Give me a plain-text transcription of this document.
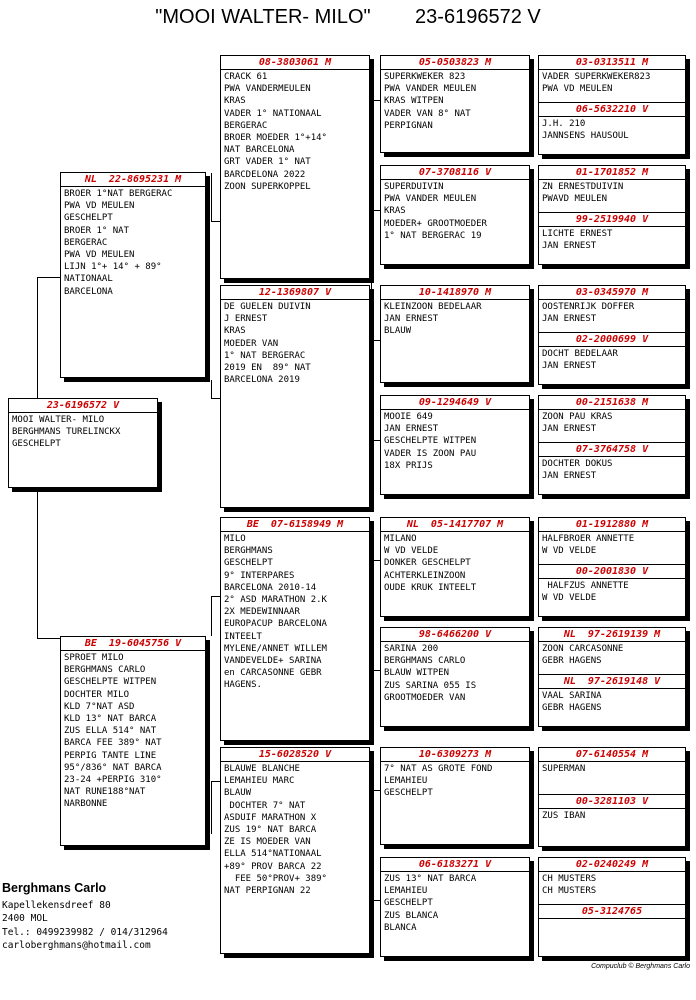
"MOOI WALTER- MILO" 23-6196572 V
23-6196572 V
MOOI WALTER- MILO
BERGHMANS TURELINCKX
GESCHELPT
NL 22-8695231 M
BROER 1°NAT BERGERAC
PWA VD MEULEN
GESCHELPT
BROER 1° NAT
BERGERAC
PWA VD MEULEN
LIJN 1°+ 14° + 89°
NATIONAAL
BARCELONA
BE 19-6045756 V
SPROET MILO
BERGHMANS CARLO
GESCHELPTE WITPEN
DOCHTER MILO
KLD 7°NAT ASD
KLD 13° NAT BARCA
ZUS ELLA 514° NAT
BARCA FEE 389° NAT
PERPIG TANTE LINE
95°/836° NAT BARCA
23-24 +PERPIG 310°
NAT RUNE188°NAT
NARBONNE
08-3803061 M
CRACK 61
PWA VANDERMEULEN
KRAS
VADER 1° NATIONAAL
BERGERAC
BROER MOEDER 1°+14°
NAT BARCELONA
GRT VADER 1° NAT
BARCDELONA 2022
ZOON SUPERKOPPEL
12-1369807 V
DE GUELEN DUIVIN
J ERNEST
KRAS
MOEDER VAN
1° NAT BERGERAC
2019 EN  89° NAT
BARCELONA 2019
BE 07-6158949 M
MILO
BERGHMANS
GESCHELPT
9° INTERPARES
BARCELONA 2010-14
2° ASD MARATHON 2.K
2X MEDEWINNAAR
EUROPACUP BARCELONA
INTEELT
MYLENE/ANNET WILLEM
VANDEVELDE+ SARINA
en CARCASONNE GEBR
HAGENS.
15-6028520 V
BLAUWE BLANCHE
LEMAHIEU MARC
BLAUW
DOCHTER 7° NAT
ASDUIF MARATHON X
ZUS 19° NAT BARCA
ZE IS MOEDER VAN
ELLA 514°NATIONAAL
+89° PROV BARCA 22
FEE 50°PROV+ 389°
NAT PERPIGNAN 22
05-0503823 M
SUPERKWEKER 823
PWA VANDER MEULEN
KRAS WITPEN
VADER VAN 8° NAT
PERPIGNAN
07-3708116 V
SUPERDUIVIN
PWA VANDER MEULEN
KRAS
MOEDER+ GROOTMOEDER
1° NAT BERGERAC 19
10-1418970 M
KLEINZOON BEDELAAR
JAN ERNEST
BLAUW
09-1294649 V
MOOIE 649
JAN ERNEST
GESCHELPTE WITPEN
VADER IS ZOON PAU
18X PRIJS
NL 05-1417707 M
MILANO
W VD VELDE
DONKER GESCHELPT
ACHTERKLEINZOON
OUDE KRUK INTEELT
98-6466200 V
SARINA 200
BERGHMANS CARLO
BLAUW WITPEN
ZUS SARINA 055 IS
GROOTMOEDER VAN
10-6309273 M
7° NAT AS GROTE FOND
LEMAHIEU
GESCHELPT
06-6183271 V
ZUS 13° NAT BARCA
LEMAHIEU
GESCHELPT
ZUS BLANCA
BLANCA
03-0313511 M
VADER SUPERKWEKER823
PWA VD MEULEN
06-5632210 V
J.H. 210
JANNSENS HAUSOUL
01-1701852 M
ZN ERNESTDUIVIN
PWAVD MEULEN
99-2519940 V
LICHTE ERNEST
JAN ERNEST
03-0345970 M
OOSTENRIJK DOFFER
JAN ERNEST
02-2000699 V
DOCHT BEDELAAR
JAN ERNEST
00-2151638 M
ZOON PAU KRAS
JAN ERNEST
07-3764758 V
DOCHTER DOKUS
JAN ERNEST
01-1912880 M
HALFBROER ANNETTE
W VD VELDE
00-2001830 V
HALFZUS ANNETTE
W VD VELDE
NL 97-2619139 M
ZOON CARCASONNE
GEBR HAGENS
NL 97-2619148 V
VAAL SARINA
GEBR HAGENS
07-6140554 M
SUPERMAN
00-3281103 V
ZUS IBAN
02-0240249 M
CH MUSTERS
CH MUSTERS
05-3124765
Berghmans Carlo
Kapellekensdreef 80
2400 MOL
Tel.: 0499239982 / 014/312964
carloberghmans@hotmail.com
Compuclub © Berghmans Carlo
